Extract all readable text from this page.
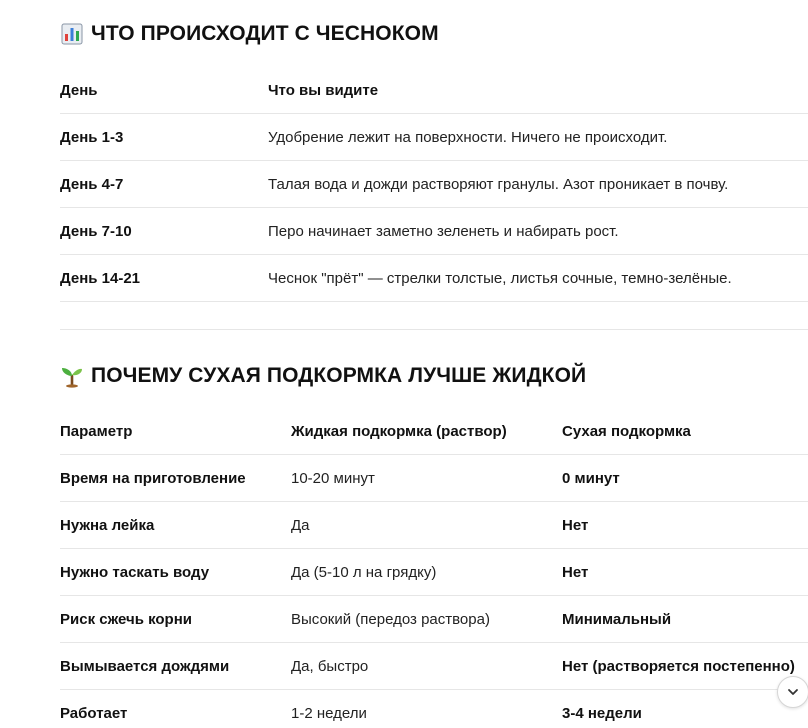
ЧТО ПРОИСХОДИТ С ЧЕСНОКОМ
День	Что вы видите
День 1-3	Удобрение лежит на поверхности. Ничего не происходит.
День 4-7	Талая вода и дожди растворяют гранулы. Азот проникает в почву.
День 7-10	Перо начинает заметно зеленеть и набирать рост.
День 14-21	Чеснок "прёт" — стрелки толстые, листья сочные, темно-зелёные.
ПОЧЕМУ СУХАЯ ПОДКОРМКА ЛУЧШЕ ЖИДКОЙ
Параметр	Жидкая подкормка (раствор)	Сухая подкормка
Время на приготовление	10-20 минут	0 минут
Нужна лейка	Да	Нет
Нужно таскать воду	Да (5-10 л на грядку)	Нет
Риск сжечь корни	Высокий (передоз раствора)	Минимальный
Вымывается дождями	Да, быстро	Нет (растворяется постепенно)
Работает	1-2 недели	3-4 недели
